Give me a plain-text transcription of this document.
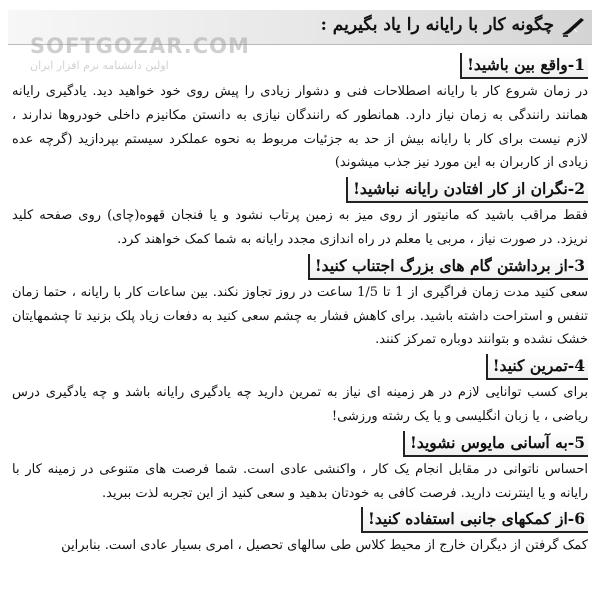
چگونه کار با رایانه را یاد بگیریم :
SOFTGOZAR.COM
اولین دانشنامه نرم افزار ایران	1-واقع بین باشید!

در زمان شروع کار با رایانه اصطلاحات فنی و دشوار زیادی را پیش روی خود خواهید دید. یادگیری رایانه همانند رانندگی به زمان نیاز دارد. همانطور که رانندگان نیازی به دانستن مکانیزم داخلی خودروها ندارند ، لازم نیست برای کار با رایانه بیش از حد به جزئیات مربوط به نحوه عملکرد سیستم بپردازید (گرچه عده زیادی از کاربران به این مورد نیز جذب میشوند)

2-نگران از کار افتادن رایانه نباشید!

فقط مراقب باشید که مانیتور از روی میز به زمین پرتاب نشود و یا فنجان قهوه(چای) روی صفحه کلید نریزد. در صورت نیاز ، مربی یا معلم در راه اندازی مجدد رایانه به شما کمک خواهند کرد.

3-از برداشتن گام های بزرگ اجتناب کنید!

سعی کنید مدت زمان فراگیری از 1 تا 1/5 ساعت در روز تجاوز نکند. بین ساعات کار با رایانه ، حتما زمان تنفس و استراحت داشته باشید. برای کاهش فشار به چشم سعی کنید به دفعات زیاد پلک بزنید تا چشمهایتان خشک نشده و بتوانند دوباره تمرکز کنند.

4-تمرین کنید!

برای کسب توانایی لازم در هر زمینه ای نیاز به تمرین دارید چه یادگیری رایانه باشد و چه یادگیری درس ریاضی ، یا زبان انگلیسی و یا یک رشته ورزشی!

5-به آسانی مایوس نشوید!

احساس ناتوانی در مقابل انجام یک کار ، واکنشی عادی است. شما فرصت های متنوعی در زمینه کار با رایانه و یا اینترنت دارید. فرصت کافی به خودتان بدهید و سعی کنید از این تجربه لذت ببرید.

6-از کمکهای جانبی استفاده کنید!

کمک گرفتن از دیگران خارج از محیط کلاس طی سالهای تحصیل ، امری بسیار عادی است. بنابراین
